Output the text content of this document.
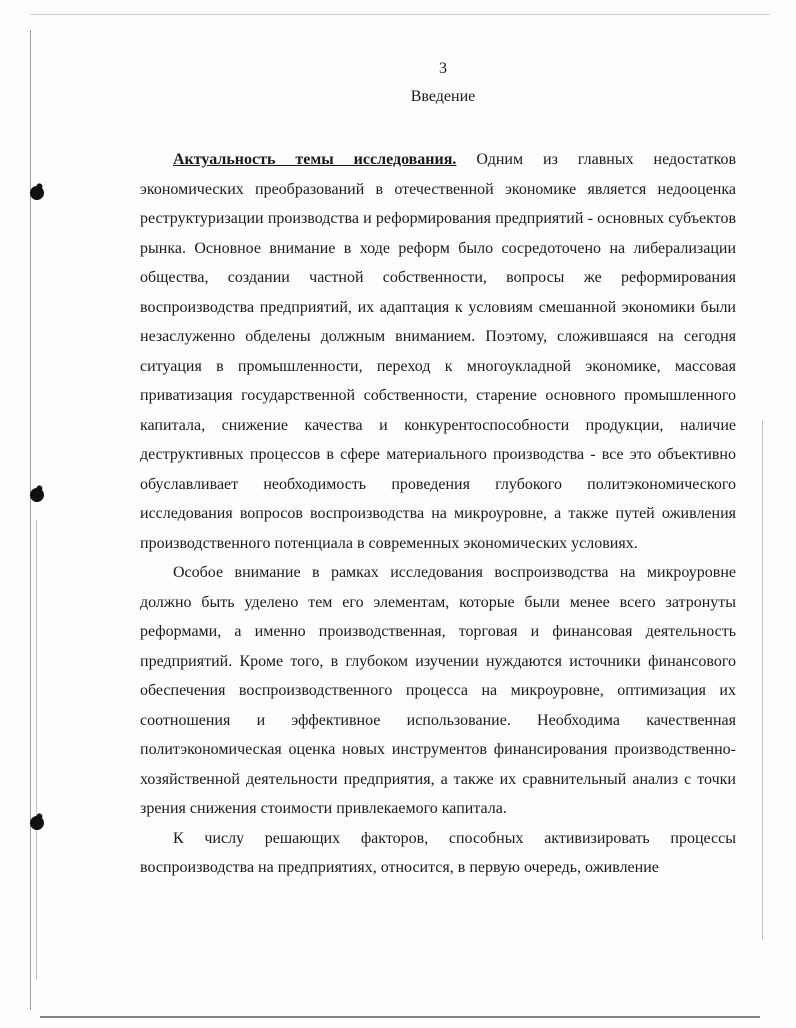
3
Введение

Актуальность темы исследования. Одним из главных недостатков экономических преобразований в отечественной экономике является недооценка реструктуризации производства и реформирования предприятий - основных субъектов рынка. Основное внимание в ходе реформ было сосредоточено на либерализации общества, создании частной собственности, вопросы же реформирования воспроизводства предприятий, их адаптация к условиям смешанной экономики были незаслуженно обделены должным вниманием. Поэтому, сложившаяся на сегодня ситуация в промышленности, переход к многоукладной экономике, массовая приватизация государственной собственности, старение основного промышленного капитала, снижение качества и конкурентоспособности продукции, наличие деструктивных процессов в сфере материального производства - все это объективно обуславливает необходимость проведения глубокого политэкономического исследования вопросов воспроизводства на микроуровне, а также путей оживления производственного потенциала в современных экономических условиях.

Особое внимание в рамках исследования воспроизводства на микроуровне должно быть уделено тем его элементам, которые были менее всего затронуты реформами, а именно производственная, торговая и финансовая деятельность предприятий. Кроме того, в глубоком изучении нуждаются источники финансового обеспечения воспроизводственного процесса на микроуровне, оптимизация их соотношения и эффективное использование. Необходима качественная политэкономическая оценка новых инструментов финансирования производственно-хозяйственной деятельности предприятия, а также их сравнительный анализ с точки зрения снижения стоимости привлекаемого капитала.

К числу решающих факторов, способных активизировать процессы воспроизводства на предприятиях, относится, в первую очередь, оживление
